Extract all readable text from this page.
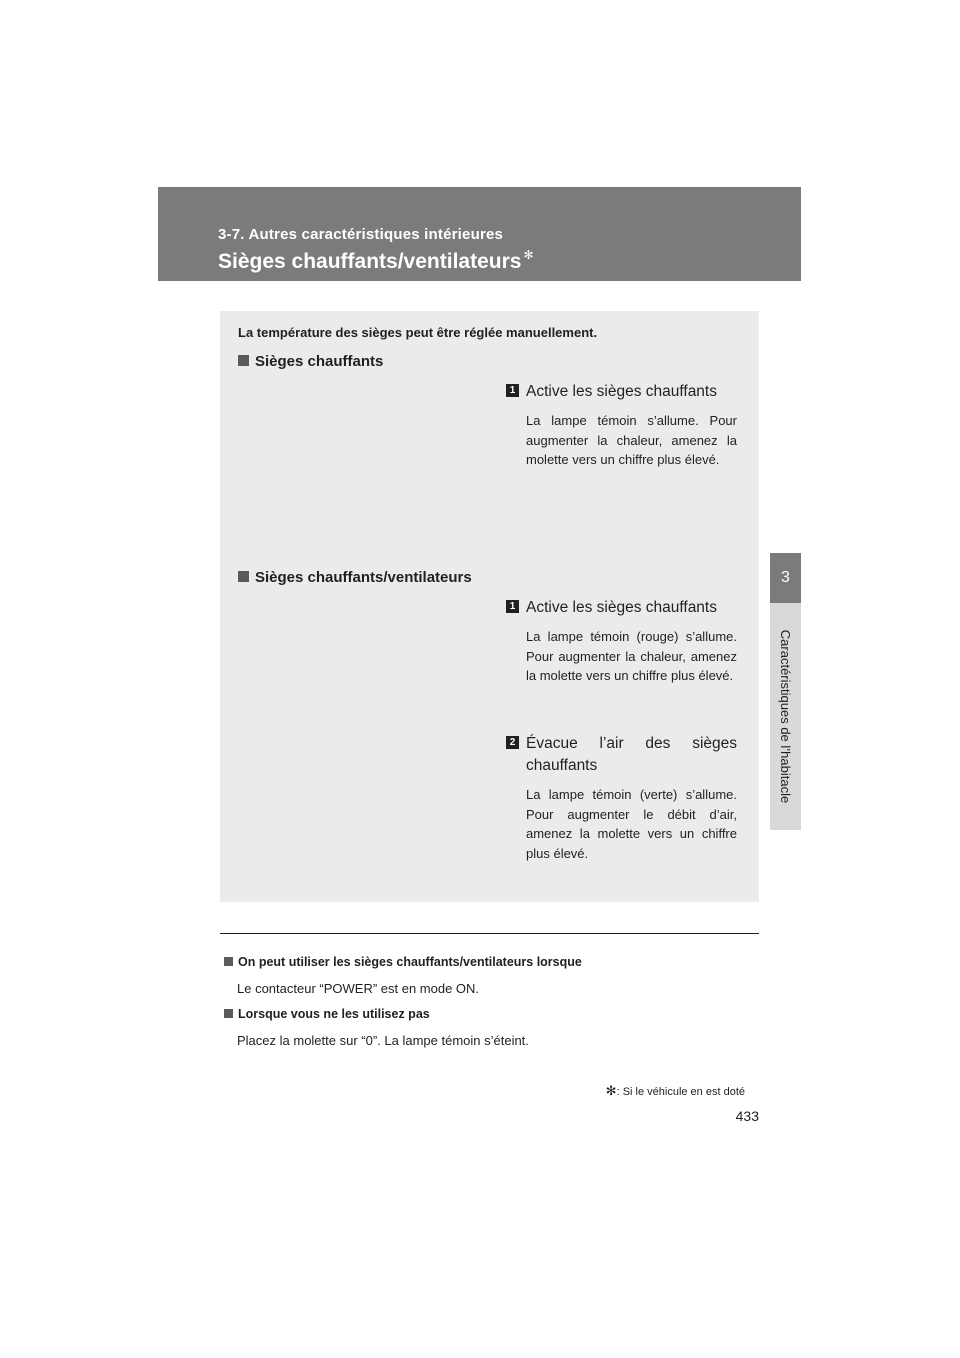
3-7. Autres caractéristiques intérieures
Sièges chauffants/ventilateurs ✻
3
Caractéristiques de l’habitacle
La température des sièges peut être réglée manuellement.
Sièges chauffants
1 Active les sièges chauffants
La lampe témoin s’allume. Pour augmenter la chaleur, amenez la molette vers un chiffre plus élevé.
Sièges chauffants/ventilateurs
1 Active les sièges chauffants
La lampe témoin (rouge) s’allume. Pour augmenter la chaleur, amenez la molette vers un chiffre plus élevé.
2 Évacue l’air des sièges chauffants
La lampe témoin (verte) s’allume. Pour augmenter le débit d’air, amenez la molette vers un chiffre plus élevé.
On peut utiliser les sièges chauffants/ventilateurs lorsque
Le contacteur “POWER” est en mode ON.
Lorsque vous ne les utilisez pas
Placez la molette sur “0”. La lampe témoin s’éteint.
✻: Si le véhicule en est doté
433
